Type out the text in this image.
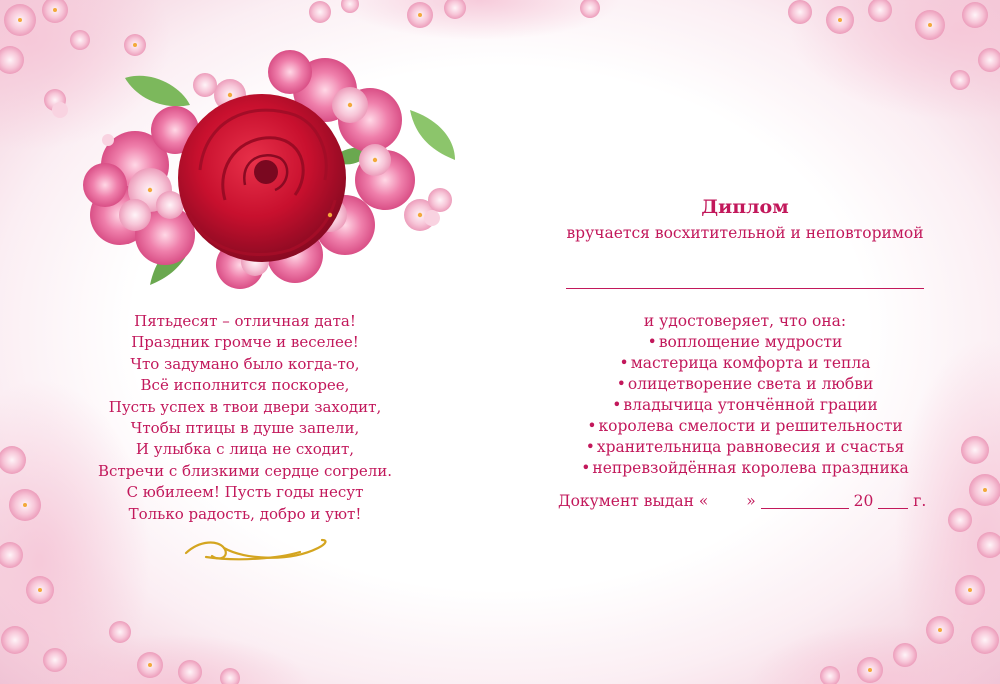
Пятьдесят – отличная дата!
Праздник громче и веселее!
Что задумано было когда-то,
Всё исполнится поскорее,
Пусть успех в твои двери заходит,
Чтобы птицы в душе запели,
И улыбка с лица не сходит,
Встречи с близкими сердце согрели.
С юбилеем! Пусть годы несут
Только радость, добро и уют!

Диплом

вручается восхитительной и неповторимой

и удостоверяет, что она:

• воплощение мудрости
• мастерица комфорта и тепла
• олицетворение света и любви
• владычица утончённой грации
• королева смелости и решительности
• хранительница равновесия и счастья
• непревзойдённая королева праздника
Документ выдан « »	20	г.
